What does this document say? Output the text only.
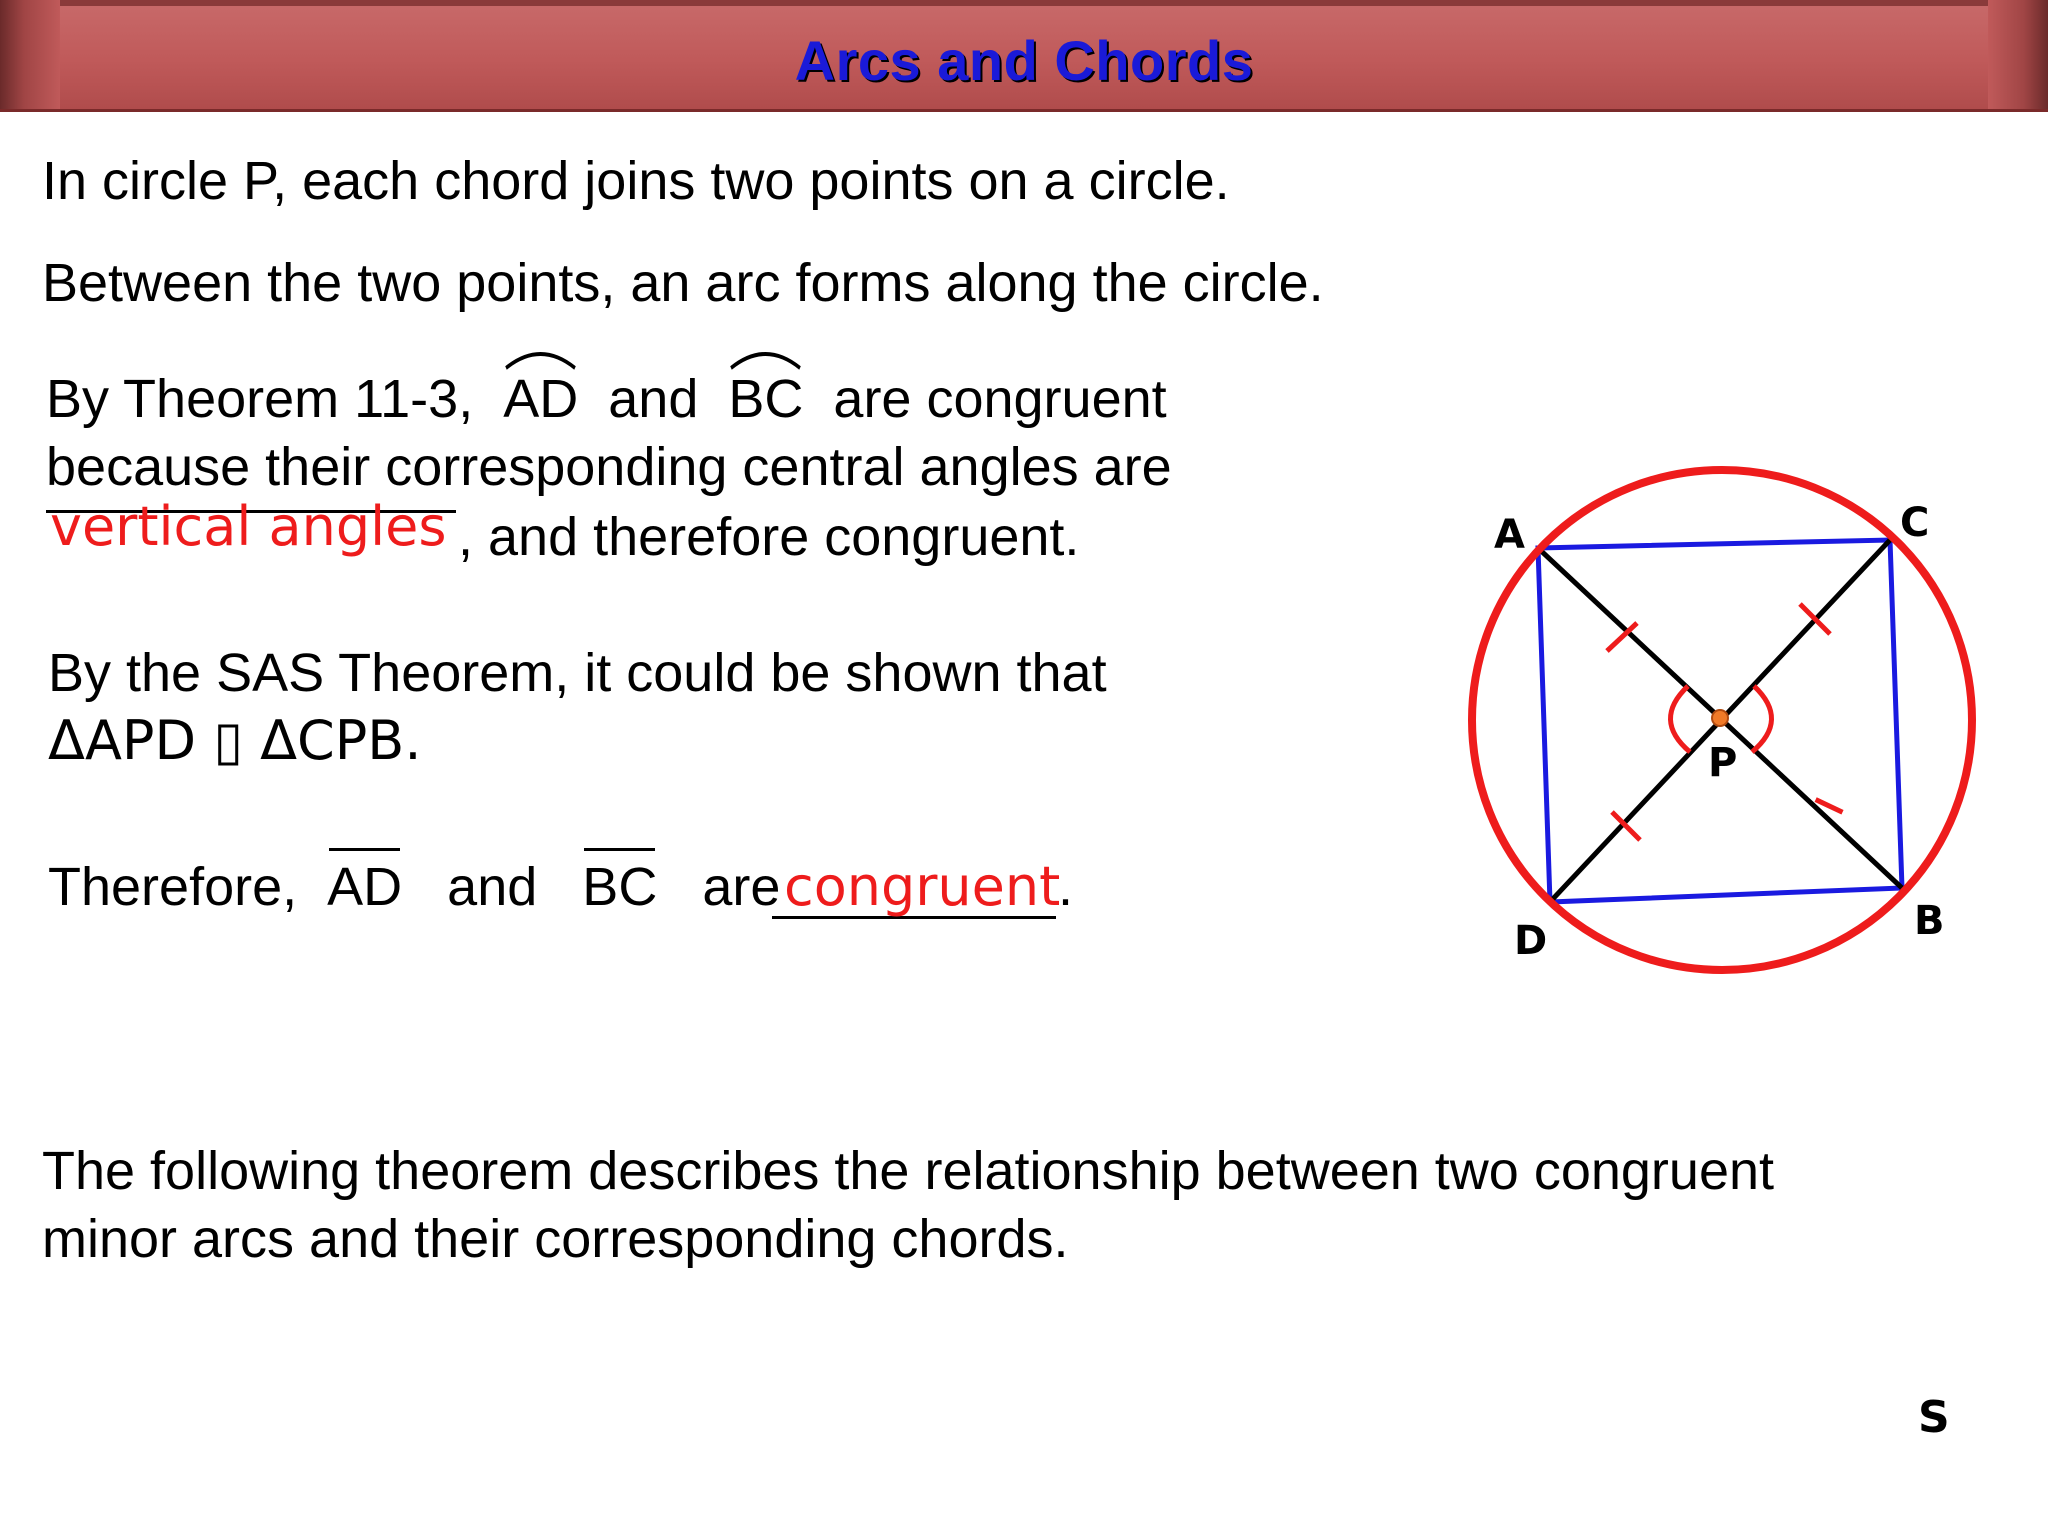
Arcs and Chords
In circle P, each chord joins two points on a circle.
Between the two points, an arc forms along the circle.
By Theorem 11-3, AD and BC are congruent
because their corresponding central angles are
vertical angles , and therefore congruent.
By the SAS Theorem, it could be shown that
ΔAPD ▯ ΔCPB.
Therefore, AD and BC are congruent
.
The following theorem describes the relationship between two congruent
minor arcs and their corresponding chords.
A	C
P
D	B
S
